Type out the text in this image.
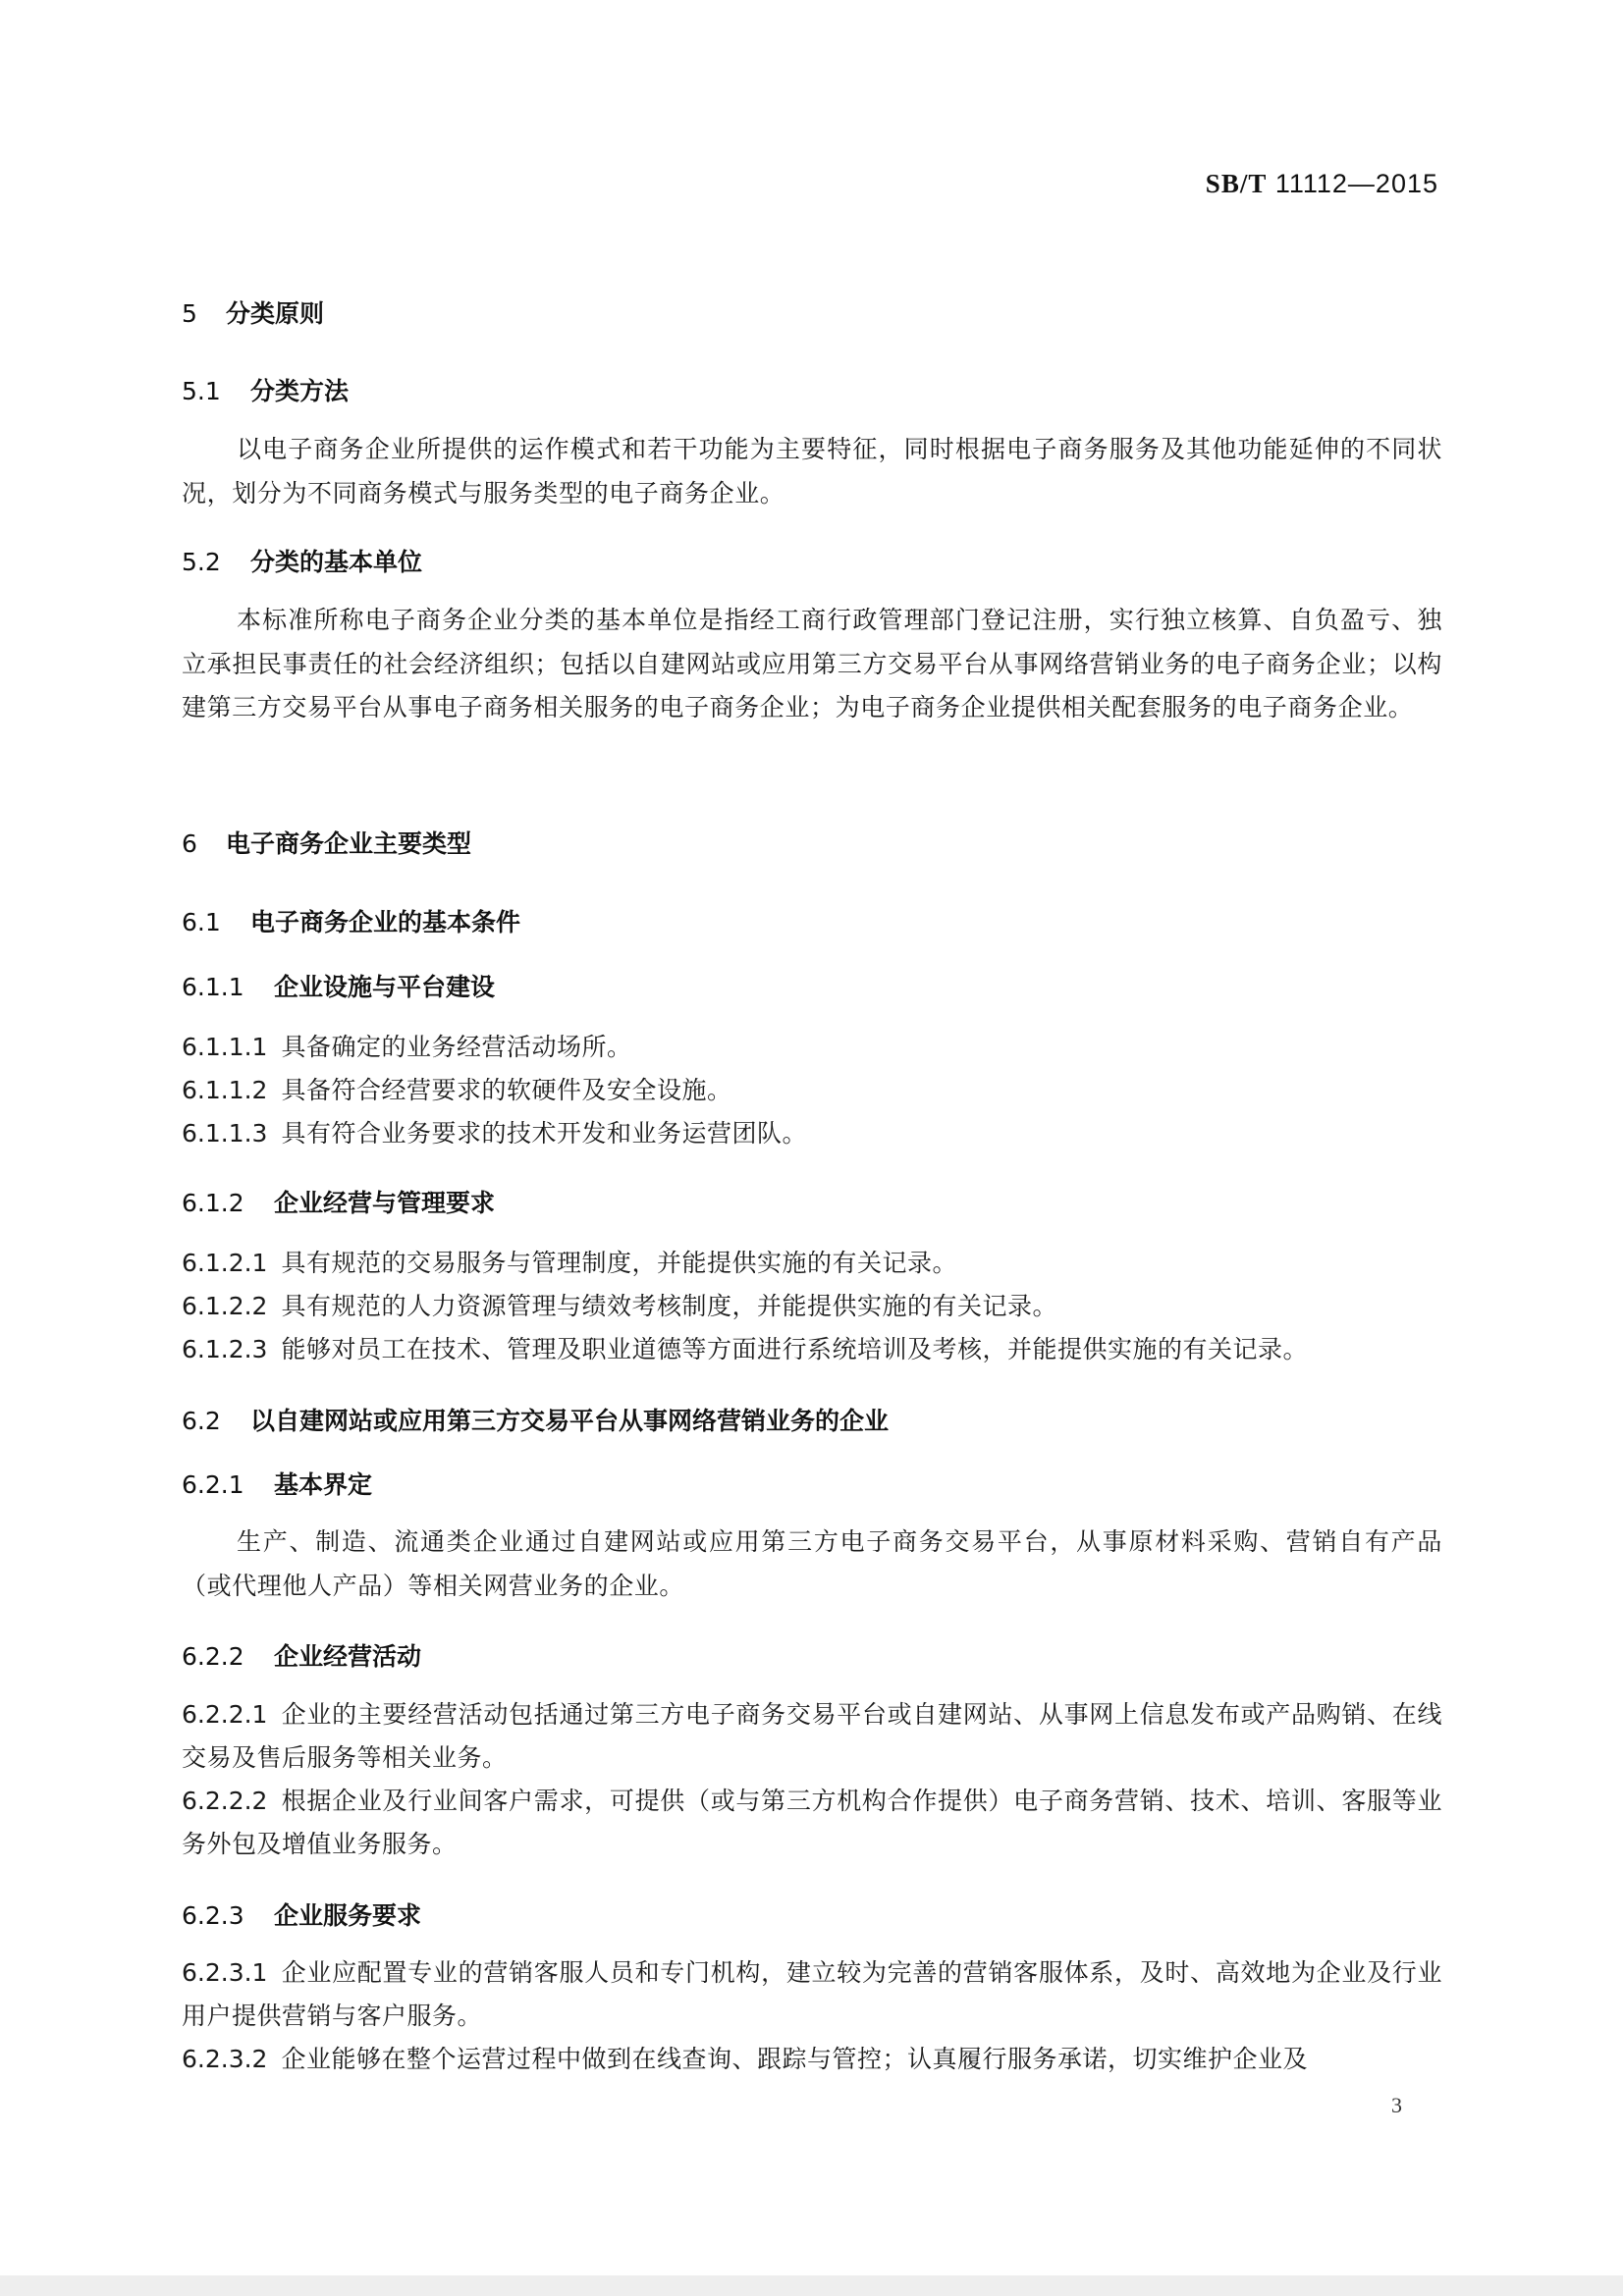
SB/T 11112—2015
5 分类原则
5.1 分类方法
以电子商务企业所提供的运作模式和若干功能为主要特征，同时根据电子商务服务及其他功能延伸的不同状况，划分为不同商务模式与服务类型的电子商务企业。
5.2 分类的基本单位
本标准所称电子商务企业分类的基本单位是指经工商行政管理部门登记注册，实行独立核算、自负盈亏、独立承担民事责任的社会经济组织；包括以自建网站或应用第三方交易平台从事网络营销业务的电子商务企业；以构建第三方交易平台从事电子商务相关服务的电子商务企业；为电子商务企业提供相关配套服务的电子商务企业。
6 电子商务企业主要类型
6.1 电子商务企业的基本条件
6.1.1 企业设施与平台建设
6.1.1.1 具备确定的业务经营活动场所。
6.1.1.2 具备符合经营要求的软硬件及安全设施。
6.1.1.3 具有符合业务要求的技术开发和业务运营团队。
6.1.2 企业经营与管理要求
6.1.2.1 具有规范的交易服务与管理制度，并能提供实施的有关记录。
6.1.2.2 具有规范的人力资源管理与绩效考核制度，并能提供实施的有关记录。
6.1.2.3 能够对员工在技术、管理及职业道德等方面进行系统培训及考核，并能提供实施的有关记录。
6.2 以自建网站或应用第三方交易平台从事网络营销业务的企业
6.2.1 基本界定
生产、制造、流通类企业通过自建网站或应用第三方电子商务交易平台，从事原材料采购、营销自有产品（或代理他人产品）等相关网营业务的企业。
6.2.2 企业经营活动
6.2.2.1 企业的主要经营活动包括通过第三方电子商务交易平台或自建网站、从事网上信息发布或产品购销、在线交易及售后服务等相关业务。
6.2.2.2 根据企业及行业间客户需求，可提供（或与第三方机构合作提供）电子商务营销、技术、培训、客服等业务外包及增值业务服务。
6.2.3 企业服务要求
6.2.3.1 企业应配置专业的营销客服人员和专门机构，建立较为完善的营销客服体系，及时、高效地为企业及行业用户提供营销与客户服务。
6.2.3.2 企业能够在整个运营过程中做到在线查询、跟踪与管控；认真履行服务承诺，切实维护企业及
3
